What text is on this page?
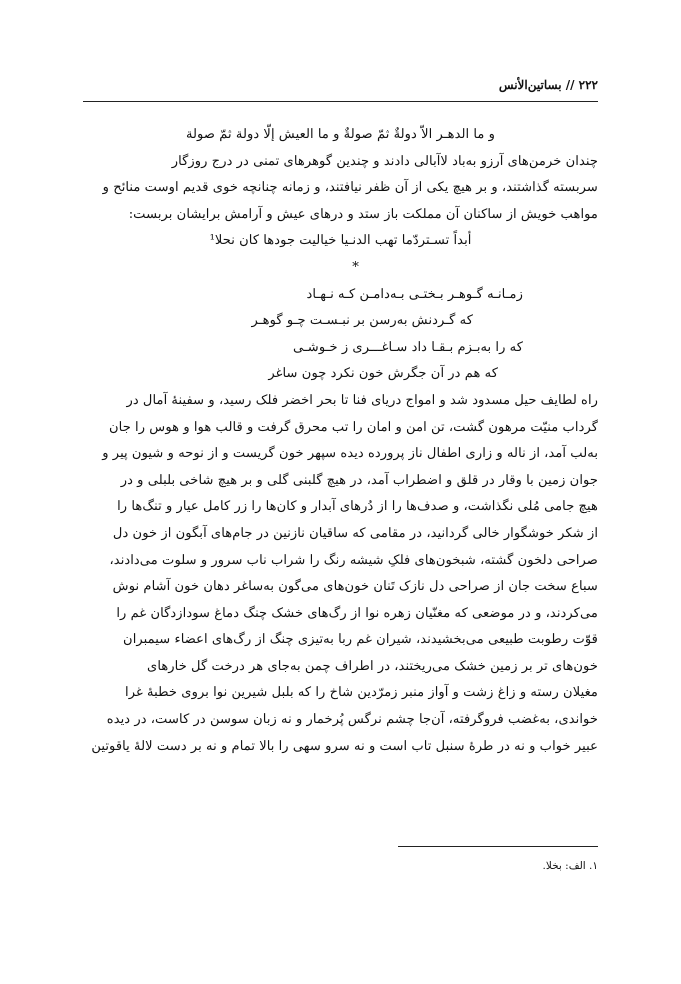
۲۲۲ // بساتین‌الأنس
و ما الدهـر الاّ دولةٌ ثمّ صولةٌ و ما العیش إلّا دولة ثمّ صولة
چندان خرمن‌های آرزو به‌باد لاآبالی دادند و چندین گوهرهای تمنی در درج روزگار
سربسته گذاشتند، و بر هیچ یکی از آن ظفر نیافتند، و زمانه چنانچه خوی قدیم اوست منائح و
مواهب خویش از ساکنان آن مملکت باز ستد و درهای عیش و آرامش برایشان بربست:
أبداً تسـتردّما تهب الدنـیا خیالیت جودها کان نحلا¹
*
زمـانـه گـوهـر بـختـی بـه‌دامـن کـه نـهـاد
که گـردنش به‌رسن بر نبـسـت چـو گوهـر
که را به‌بـزم بـقـا داد سـاغـــری ز خـوشـی
که هم در آن جگرش خون نکرد چون ساغر
راه لطایف حیل مسدود شد و امواج دریای فنا تا بحر اخضر فلک رسید، و سفینهٔ آمال در
گرداب منیّت مرهون گشت، تن امن و امان را تب محرق گرفت و قالب هوا و هوس را جان
به‌لب آمد، از ناله و زاری اطفال ناز پرورده دیده سپهر خون گریست و از نوحه و شیون پیر و
جوان زمین با وقار در قلق و اضطراب آمد، در هیچ گلبنی گلی و بر هیچ شاخی بلبلی و در
هیچ جامی مُلی نگذاشت، و صدف‌ها را از دُرهای آبدار و کان‌ها را زر کامل عیار و تنگ‌ها را
از شکر خوشگوار خالی گردانید، در مقامی که ساقیان نازنین در جام‌های آبگون از خون دل
صراحی دلخون گشته، شبخون‌های فلکِ شیشه رنگ را شراب ناب سرور و سلوت می‌دادند،
سباع سخت جان از صراحی دل نازک تَنان خون‌های می‌گون به‌ساغر دهان خون آشام نوش
می‌کردند، و در موضعی که مغنّیان زهره نوا از رگ‌های خشک چنگ دماغ سودازدگان غم را
قوّت رطوبت طبیعی می‌بخشیدند، شیران غم ربا به‌تیزی چنگ از رگ‌های اعضاء سیمبران
خون‌های تر بر زمین خشک می‌ریختند، در اطراف چمن به‌جای هر درخت گل خارهای
مغیلان رسته و زاغ زشت و آواز منبر زمرّدین شاخ را که بلبل شیرین نوا بروی خطبهٔ غرا
خواندی، به‌غضب فروگرفته، آن‌جا چشم نرگس پُرخمار و نه زبان سوسن در کاست، در دیده
عبیر خواب و نه در طرهٔ سنبل تاب است و نه سرو سهی را بالا تمام و نه بر دست لالهٔ یاقوتین
۱. الف: بخلا.
